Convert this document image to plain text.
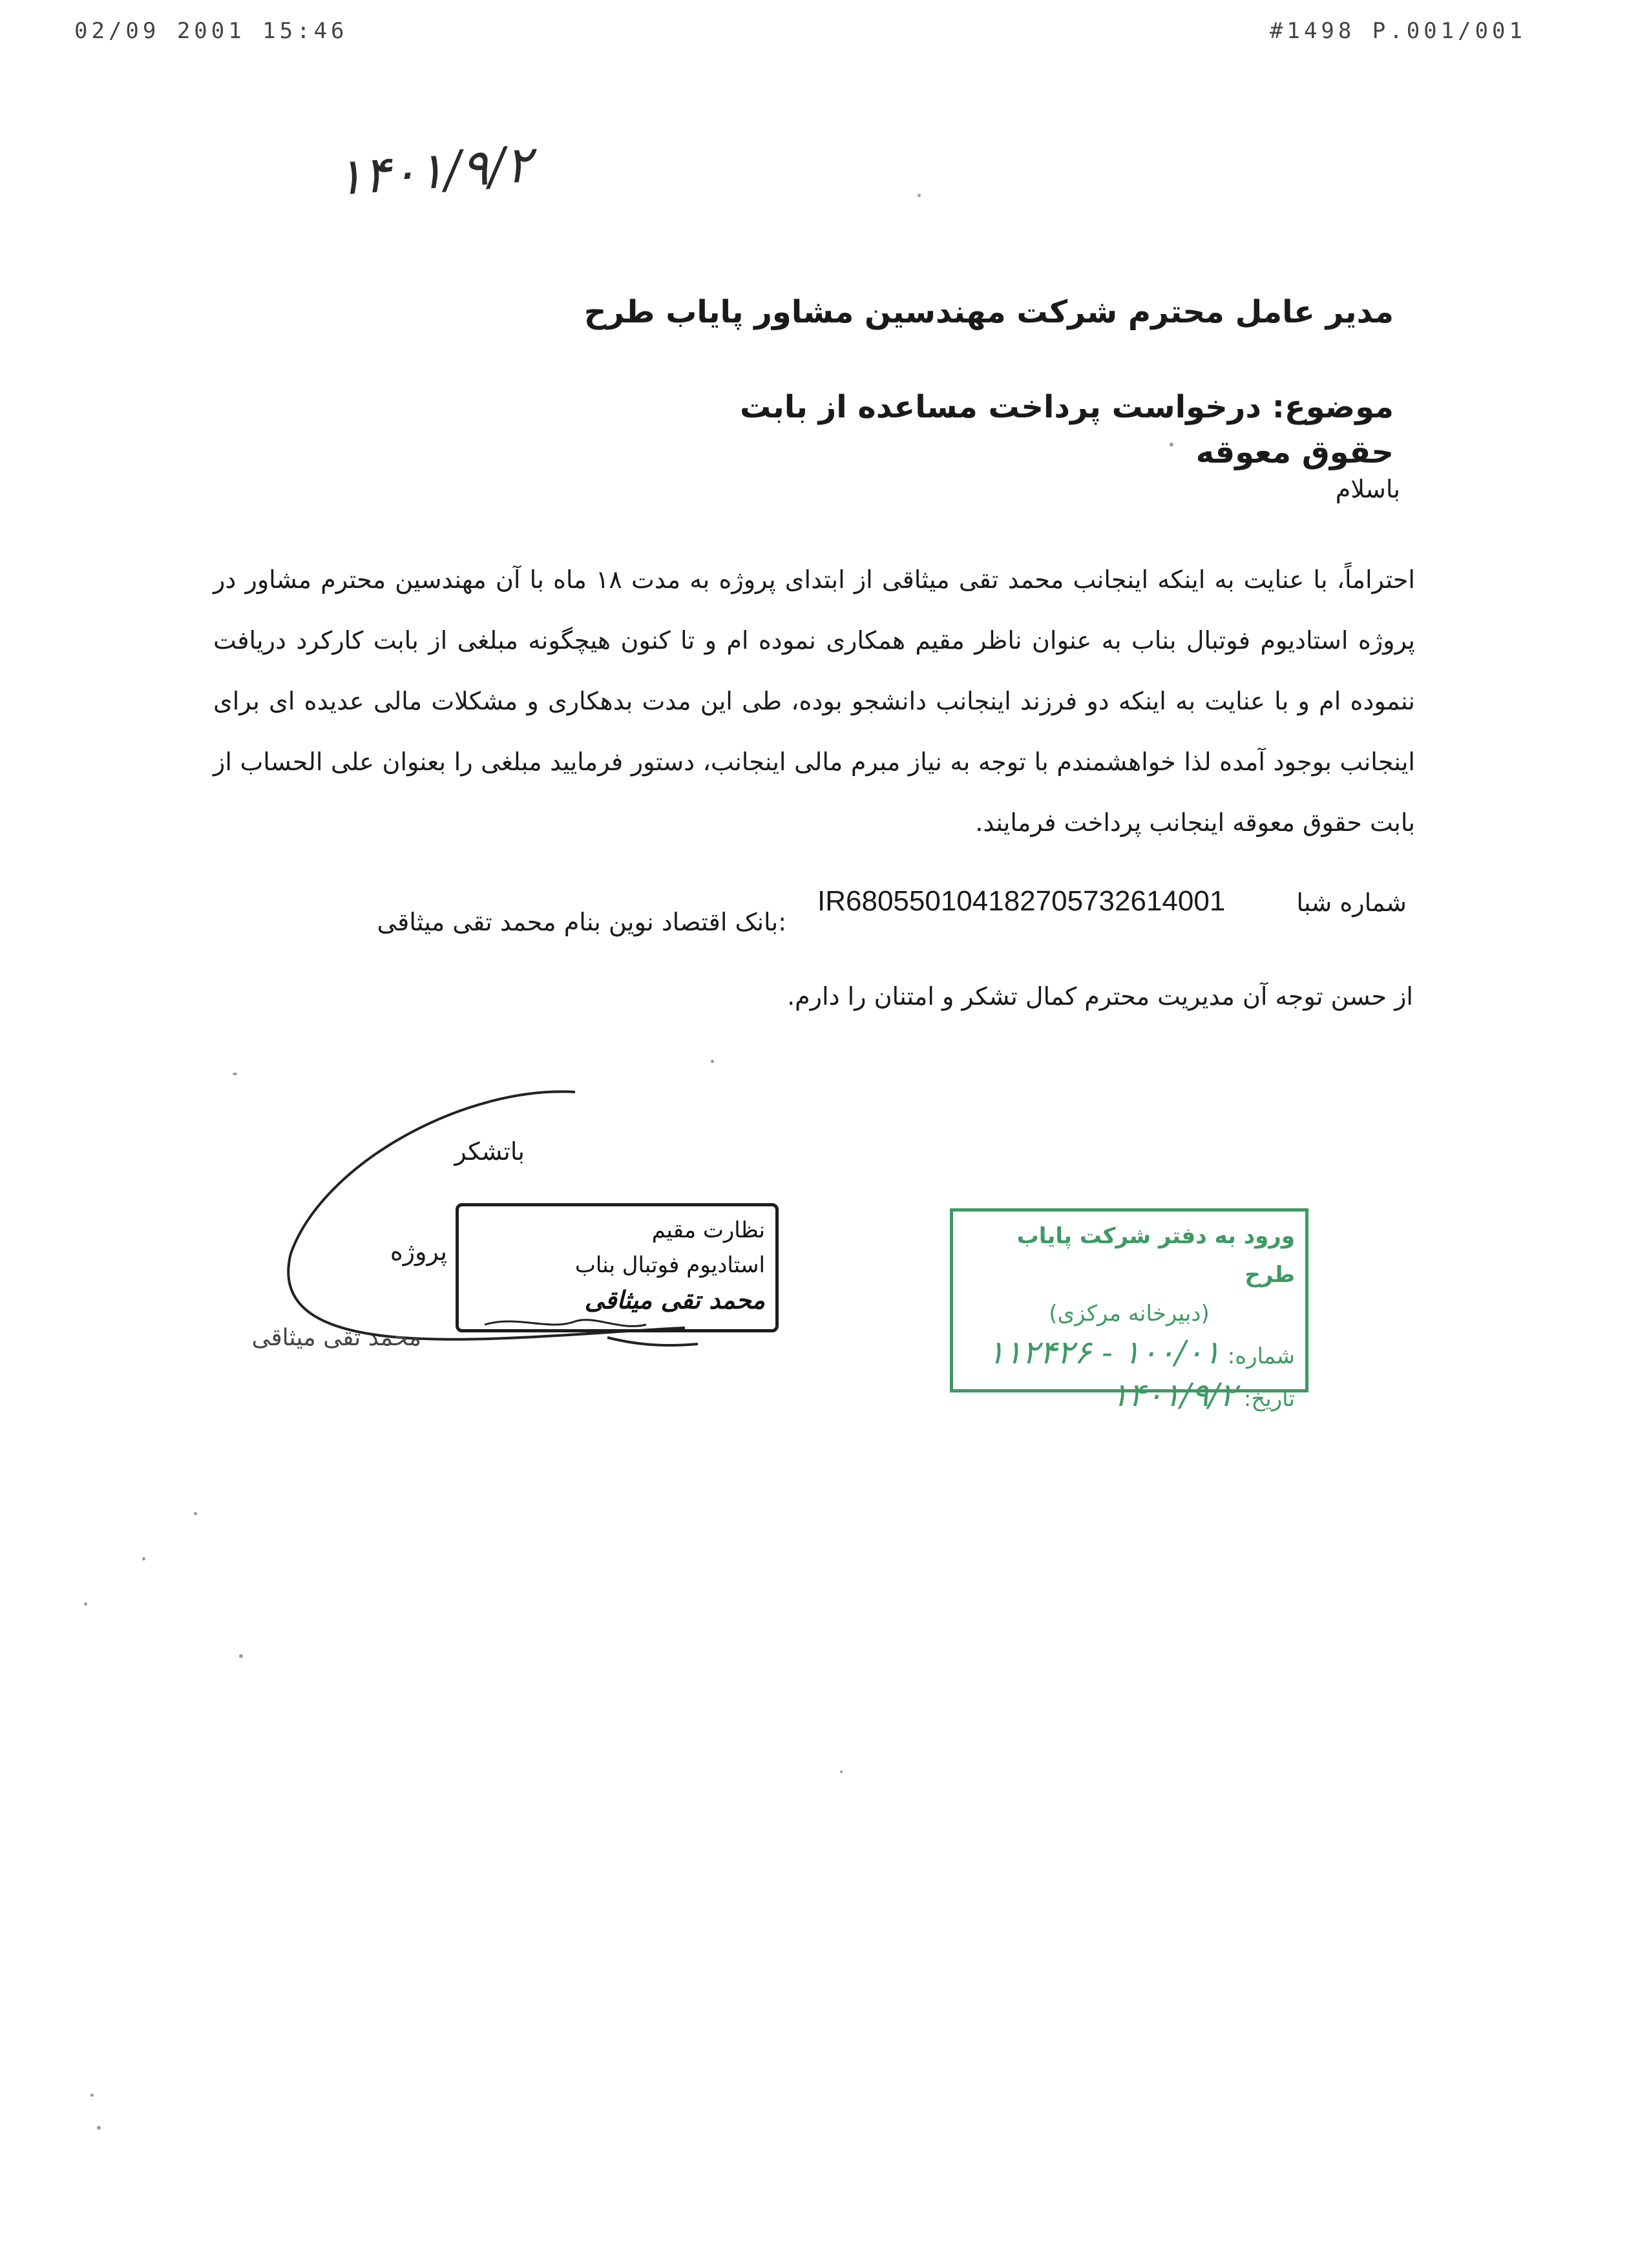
02/09 2001 15:46	#1498 P.001/001
۱۴۰۱/۹/۲
مدیر عامل محترم شرکت مهندسین مشاور پایاب طرح
موضوع: درخواست پرداخت مساعده از بابت حقوق معوقه
باسلام
احتراماً، با عنایت به اینکه اینجانب محمد تقی میثاقی از ابتدای پروژه به مدت ۱۸ ماه با آن مهندسین محترم مشاور در پروژه استادیوم فوتبال بناب به عنوان ناظر مقیم همکاری نموده ام و تا کنون هیچگونه مبلغی از بابت کارکرد دریافت ننموده ام و با عنایت به اینکه دو فرزند اینجانب دانشجو بوده، طی این مدت بدهکاری و مشکلات مالی عدیده ای برای اینجانب بوجود آمده لذا خواهشمندم با توجه به نیاز مبرم مالی اینجانب، دستور فرمایید مبلغی را بعنوان علی الحساب از بابت حقوق معوقه اینجانب پرداخت فرمایند.
شماره شبا
IR680550104182705732614001
:بانک اقتصاد نوین بنام محمد تقی میثاقی
از حسن توجه آن مدیریت محترم کمال تشکر و امتنان را دارم.
باتشکر
نظارت مقیم
استادیوم فوتبال بناب
محمد تقی میثاقی
پروژه
محمد تقی میثاقی
ورود به دفتر شرکت پایاب طرح
(دبیرخانه مرکزی)
شماره: ۱۰۰/۰۱ - ۱۱۲۴۲۶
تاریخ: ۱۴۰۱/۹/۲
